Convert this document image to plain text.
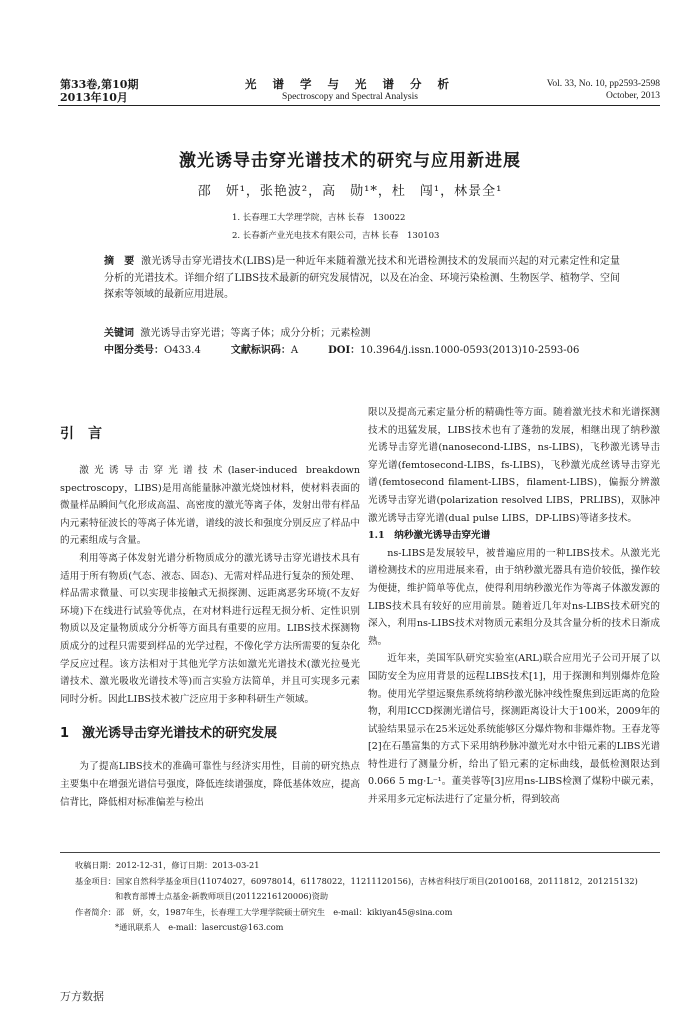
第33卷,第10期
2013年10月
光 谱 学 与 光 谱 分 析
Spectroscopy and Spectral Analysis
Vol. 33, No. 10, pp2593-2598
October, 2013
激光诱导击穿光谱技术的研究与应用新进展
邵　妍¹，张艳波²，高　勋¹*，杜　闯¹，林景全¹
1. 长春理工大学理学院，吉林 长春　130022
2. 长春新产业光电技术有限公司，吉林 长春　130103
摘　要 激光诱导击穿光谱技术(LIBS)是一种近年来随着激光技术和光谱检测技术的发展而兴起的对元素定性和定量分析的光谱技术。详细介绍了LIBS技术最新的研究发展情况，以及在冶金、环境污染检测、生物医学、植物学、空间探索等领域的最新应用进展。
关键词 激光诱导击穿光谱；等离子体；成分分析；元素检测
中图分类号：O433.4	文献标识码：A	DOI：10.3964/j.issn.1000-0593(2013)10-2593-06
引　言

激光诱导击穿光谱技术(laser-induced breakdown spectroscopy，LIBS)是用高能量脉冲激光烧蚀材料，使材料表面的微量样品瞬间气化形成高温、高密度的激光等离子体，发射出带有样品内元素特征波长的等离子体光谱，谱线的波长和强度分别反应了样品中的元素组成与含量。

利用等离子体发射光谱分析物质成分的激光诱导击穿光谱技术具有适用于所有物质(气态、液态、固态)、无需对样品进行复杂的预处理、样品需求微量、可以实现非接触式无损探测、远距离恶劣环境(不友好环境)下在线进行试验等优点，在对材料进行远程无损分析、定性识别物质以及定量物质成分分析等方面具有重要的应用。LIBS技术探测物质成分的过程只需要到样品的光学过程，不像化学方法所需要的复杂化学反应过程。该方法相对于其他光学方法如激光光谱技术(激光拉曼光谱技术、激光吸收光谱技术等)而言实验方法简单，并且可实现多元素同时分析。因此LIBS技术被广泛应用于多种科研生产领域。

1　激光诱导击穿光谱技术的研究发展

为了提高LIBS技术的准确可靠性与经济实用性，目前的研究热点主要集中在增强光谱信号强度，降低连续谱强度，降低基体效应，提高信背比，降低相对标准偏差与检出

限以及提高元素定量分析的精确性等方面。随着激光技术和光谱探测技术的迅猛发展，LIBS技术也有了蓬勃的发展，相继出现了纳秒激光诱导击穿光谱(nanosecond-LIBS，ns-LIBS)，飞秒激光诱导击穿光谱(femtosecond-LIBS，fs-LIBS)，飞秒激光成丝诱导击穿光谱(femtosecond filament-LIBS，filament-LIBS)，偏振分辨激光诱导击穿光谱(polarization resolved LIBS，PRLIBS)，双脉冲激光诱导击穿光谱(dual pulse LIBS，DP-LIBS)等诸多技术。

1.1　纳秒激光诱导击穿光谱

ns-LIBS是发展较早，被普遍应用的一种LIBS技术。从激光光谱检测技术的应用进展来看，由于纳秒激光器具有造价较低，操作较为便捷，维护简单等优点，使得利用纳秒激光作为等离子体激发源的LIBS技术具有较好的应用前景。随着近几年对ns-LIBS技术研究的深入，利用ns-LIBS技术对物质元素组分及其含量分析的技术日渐成熟。

近年来，美国军队研究实验室(ARL)联合应用光子公司开展了以国防安全为应用背景的远程LIBS技术[1]，用于探测和判别爆炸危险物。使用光学望远聚焦系统将纳秒激光脉冲线性聚焦到远距离的危险物，利用ICCD探测光谱信号，探测距离设计大于100米，2009年的试验结果显示在25米远处系统能够区分爆炸物和非爆炸物。王春龙等[2]在石墨富集的方式下采用纳秒脉冲激光对水中铅元素的LIBS光谱特性进行了测量分析，给出了铅元素的定标曲线，最低检测限达到0.066 5 mg·L⁻¹。董美蓉等[3]应用ns-LIBS检测了煤粉中碳元素，并采用多元定标法进行了定量分析，得到较高

收稿日期：2012-12-31，修订日期：2013-03-21
基金项目：国家自然科学基金项目(11074027，60978014，61178022，11211120156)，吉林省科技厅项目(20100168，20111812，201215132)
和教育部博士点基金-新教师项目(20112216120006)资助
作者简介：邵　妍，女，1987年生，长春理工大学理学院硕士研究生　e-mail：kikiyan45@sina.com
*通讯联系人　e-mail：lasercust@163.com
万方数据
